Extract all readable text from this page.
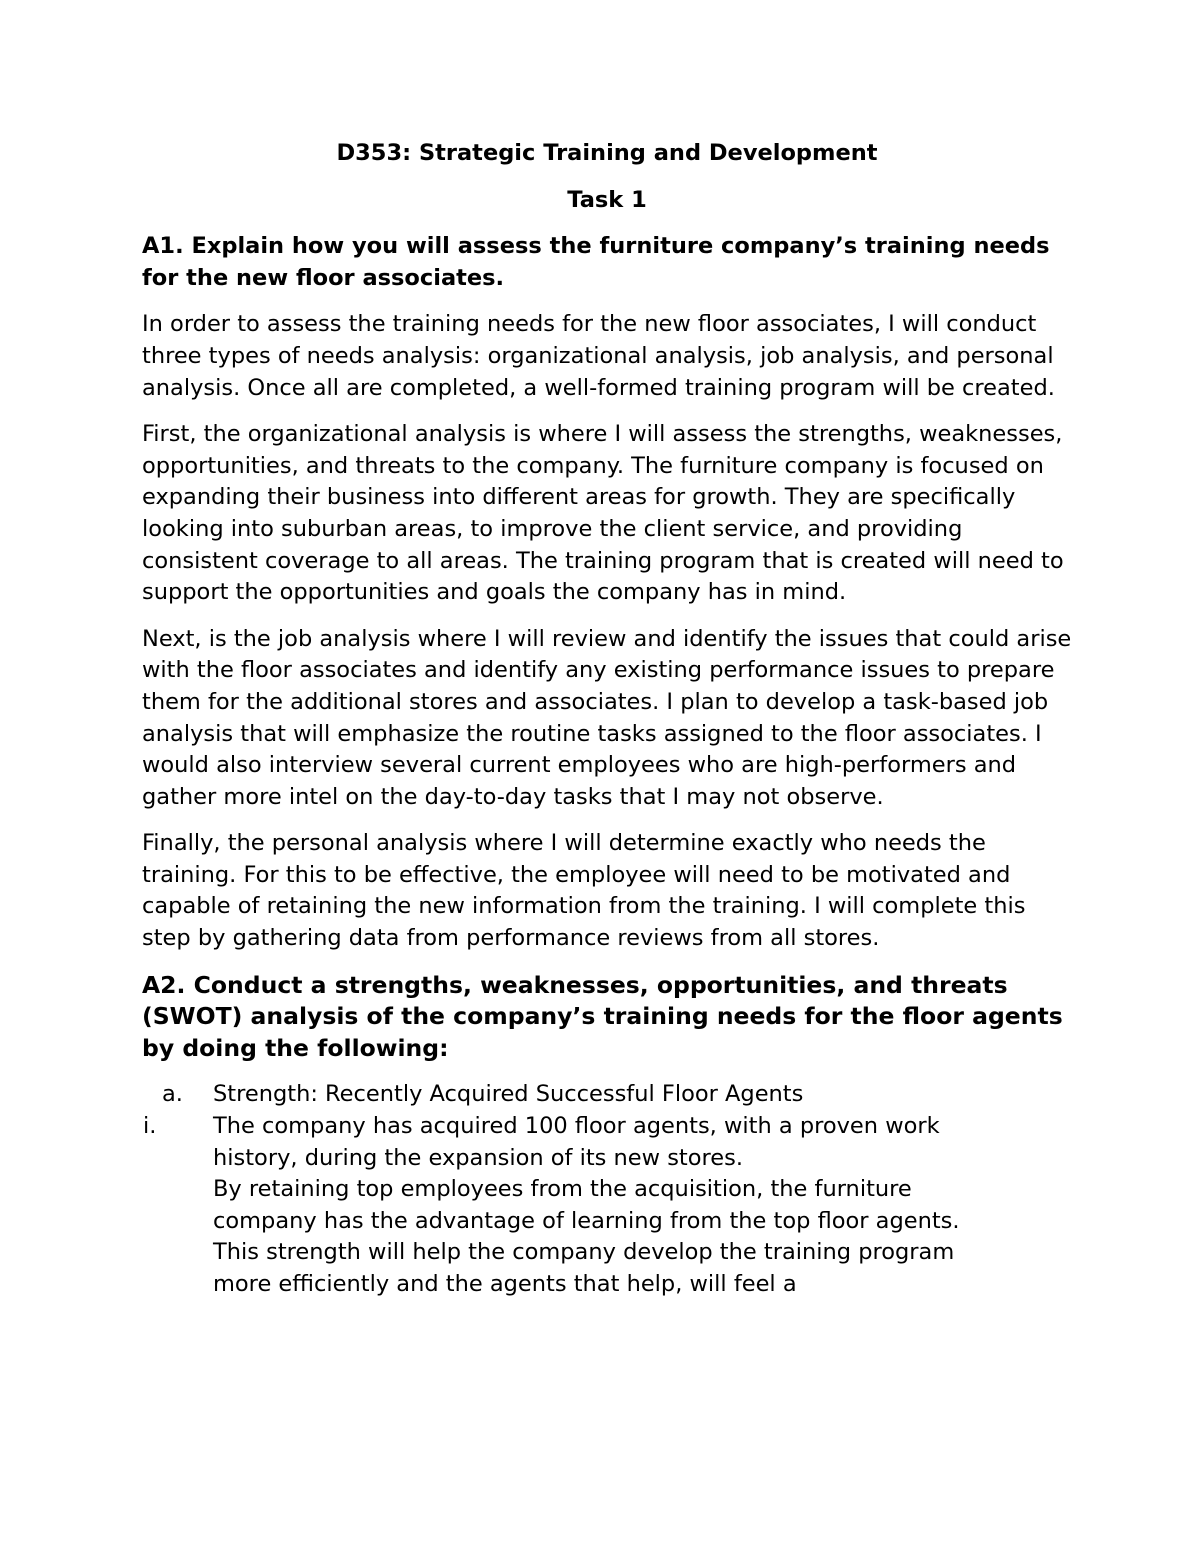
D353: Strategic Training and Development

Task 1

A1. Explain how you will assess the furniture company’s training needs for the new floor associates.

In order to assess the training needs for the new floor associates, I will conduct three types of needs analysis: organizational analysis, job analysis, and personal analysis. Once all are completed, a well-formed training program will be created.

First, the organizational analysis is where I will assess the strengths, weaknesses, opportunities, and threats to the company. The furniture company is focused on expanding their business into different areas for growth. They are specifically looking into suburban areas, to improve the client service, and providing consistent coverage to all areas. The training program that is created will need to support the opportunities and goals the company has in mind.

Next, is the job analysis where I will review and identify the issues that could arise with the floor associates and identify any existing performance issues to prepare them for the additional stores and associates. I plan to develop a task-based job analysis that will emphasize the routine tasks assigned to the floor associates. I would also interview several current employees who are high-performers and gather more intel on the day-to-day tasks that I may not observe.

Finally, the personal analysis where I will determine exactly who needs the training. For this to be effective, the employee will need to be motivated and capable of retaining the new information from the training. I will complete this step by gathering data from performance reviews from all stores.

A2. Conduct a strengths, weaknesses, opportunities, and threats (SWOT) analysis of the company’s training needs for the floor agents by doing the following:

a. Strength: Recently Acquired Successful Floor Agents
i.	The company has acquired 100 floor agents, with a proven work history, during the expansion of its new stores.
By retaining top employees from the acquisition, the furniture company has the advantage of learning from the top floor agents. This strength will help the company develop the training program more efficiently and the agents that help, will feel a
